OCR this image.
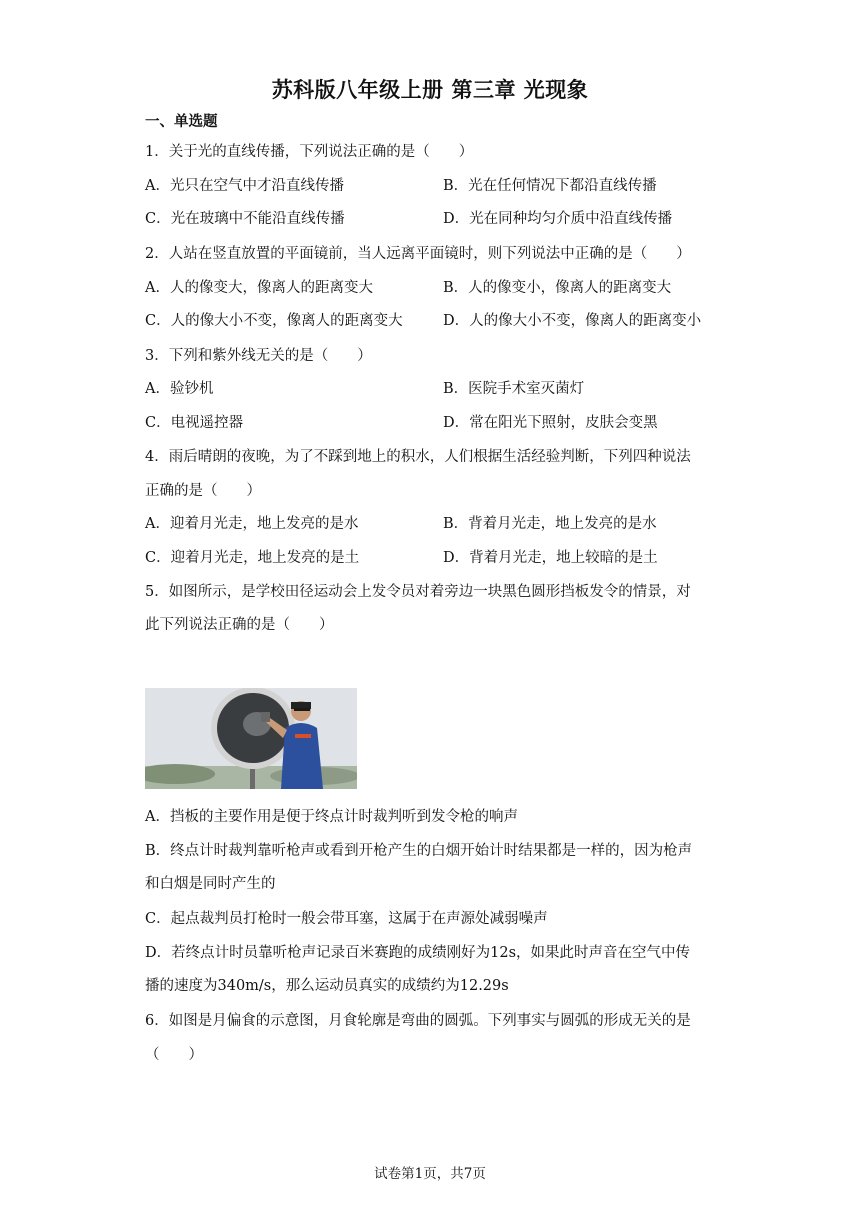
苏科版八年级上册 第三章 光现象
一、单选题
1．关于光的直线传播，下列说法正确的是（　　）
A．光只在空气中才沿直线传播	B．光在任何情况下都沿直线传播
C．光在玻璃中不能沿直线传播	D．光在同种均匀介质中沿直线传播
2．人站在竖直放置的平面镜前，当人远离平面镜时，则下列说法中正确的是（　　）
A．人的像变大，像离人的距离变大	B．人的像变小，像离人的距离变大
C．人的像大小不变，像离人的距离变大	D．人的像大小不变，像离人的距离变小
3．下列和紫外线无关的是（　　）
A．验钞机	B．医院手术室灭菌灯
C．电视遥控器	D．常在阳光下照射，皮肤会变黑
4．雨后晴朗的夜晚，为了不踩到地上的积水，人们根据生活经验判断，下列四种说法
正确的是（　　）
A．迎着月光走，地上发亮的是水	B．背着月光走，地上发亮的是水
C．迎着月光走，地上发亮的是土	D．背着月光走，地上较暗的是土
5．如图所示，是学校田径运动会上发令员对着旁边一块黑色圆形挡板发令的情景，对
此下列说法正确的是（　　）
A．挡板的主要作用是便于终点计时裁判听到发令枪的响声
B．终点计时裁判靠听枪声或看到开枪产生的白烟开始计时结果都是一样的，因为枪声
和白烟是同时产生的
C．起点裁判员打枪时一般会带耳塞，这属于在声源处减弱噪声
D．若终点计时员靠听枪声记录百米赛跑的成绩刚好为12s，如果此时声音在空气中传
播的速度为340m/s，那么运动员真实的成绩约为12.29s
6．如图是月偏食的示意图，月食轮廓是弯曲的圆弧。下列事实与圆弧的形成无关的是
（　　）
试卷第1页，共7页
